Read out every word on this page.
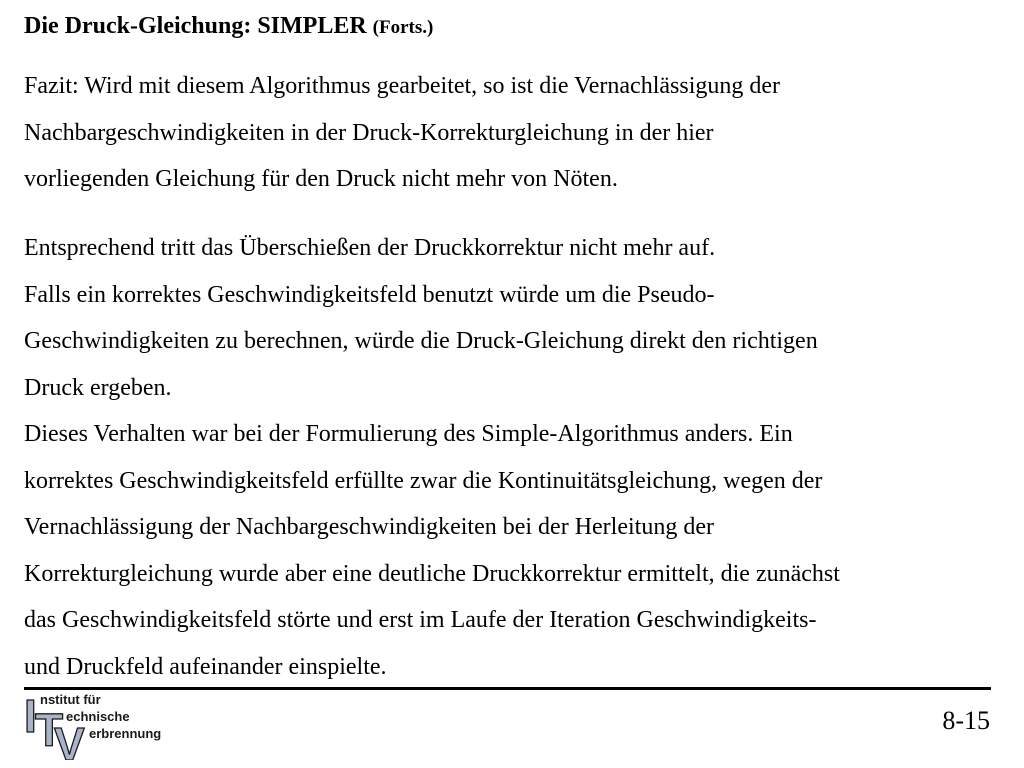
Die Druck-Gleichung: SIMPLER (Forts.)
Fazit: Wird mit diesem Algorithmus gearbeitet, so ist die Vernachlässigung der
Nachbargeschwindigkeiten in der Druck-Korrekturgleichung in der hier
vorliegenden Gleichung für den Druck nicht mehr von Nöten.
Entsprechend tritt das Überschießen der Druckkorrektur nicht mehr auf.
Falls ein korrektes Geschwindigkeitsfeld benutzt würde um die Pseudo-
Geschwindigkeiten zu berechnen, würde die Druck-Gleichung direkt den richtigen
Druck ergeben.
Dieses Verhalten war bei der Formulierung des Simple-Algorithmus anders. Ein
korrektes Geschwindigkeitsfeld erfüllte zwar die Kontinuitätsgleichung, wegen der
Vernachlässigung der Nachbargeschwindigkeiten bei der Herleitung der
Korrekturgleichung wurde aber eine deutliche Druckkorrektur ermittelt, die zunächst
das Geschwindigkeitsfeld störte und erst im Laufe der Iteration Geschwindigkeits-
und Druckfeld aufeinander einspielte.
I
T
V
nstitut für
echnische
erbrennung	8-15
